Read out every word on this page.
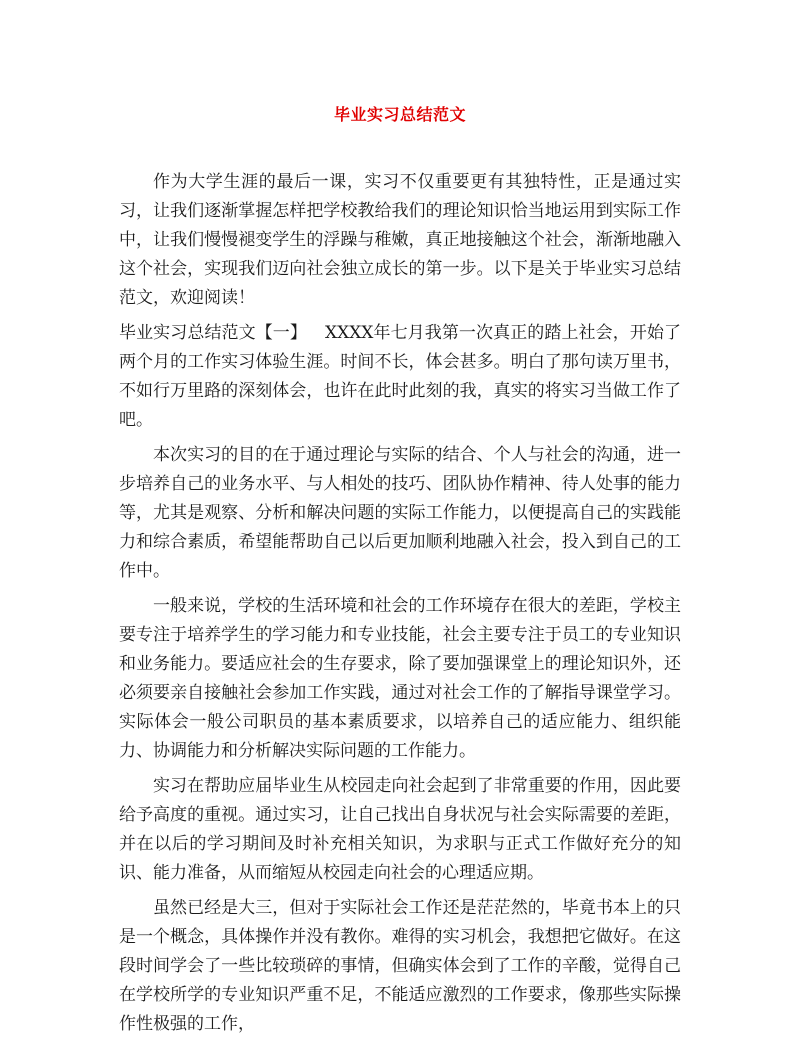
毕业实习总结范文

作为大学生涯的最后一课，实习不仅重要更有其独特性，正是通过实习，让我们逐渐掌握怎样把学校教给我们的理论知识恰当地运用到实际工作中，让我们慢慢褪变学生的浮躁与稚嫩，真正地接触这个社会，渐渐地融入这个社会，实现我们迈向社会独立成长的第一步。以下是关于毕业实习总结范文，欢迎阅读！

毕业实习总结范文【一】 XXXX年七月我第一次真正的踏上社会，开始了两个月的工作实习体验生涯。时间不长，体会甚多。明白了那句读万里书，不如行万里路的深刻体会，也许在此时此刻的我，真实的将实习当做工作了吧。

本次实习的目的在于通过理论与实际的结合、个人与社会的沟通，进一步培养自己的业务水平、与人相处的技巧、团队协作精神、待人处事的能力等，尤其是观察、分析和解决问题的实际工作能力，以便提高自己的实践能力和综合素质，希望能帮助自己以后更加顺利地融入社会，投入到自己的工作中。

一般来说，学校的生活环境和社会的工作环境存在很大的差距，学校主要专注于培养学生的学习能力和专业技能，社会主要专注于员工的专业知识和业务能力。要适应社会的生存要求，除了要加强课堂上的理论知识外，还必须要亲自接触社会参加工作实践，通过对社会工作的了解指导课堂学习。实际体会一般公司职员的基本素质要求，以培养自己的适应能力、组织能力、协调能力和分析解决实际问题的工作能力。

实习在帮助应届毕业生从校园走向社会起到了非常重要的作用，因此要给予高度的重视。通过实习，让自己找出自身状况与社会实际需要的差距，并在以后的学习期间及时补充相关知识，为求职与正式工作做好充分的知识、能力准备，从而缩短从校园走向社会的心理适应期。

虽然已经是大三，但对于实际社会工作还是茫茫然的，毕竟书本上的只是一个概念，具体操作并没有教你。难得的实习机会，我想把它做好。在这段时间学会了一些比较琐碎的事情，但确实体会到了工作的辛酸，觉得自己在学校所学的专业知识严重不足，不能适应激烈的工作要求，像那些实际操作性极强的工作，
